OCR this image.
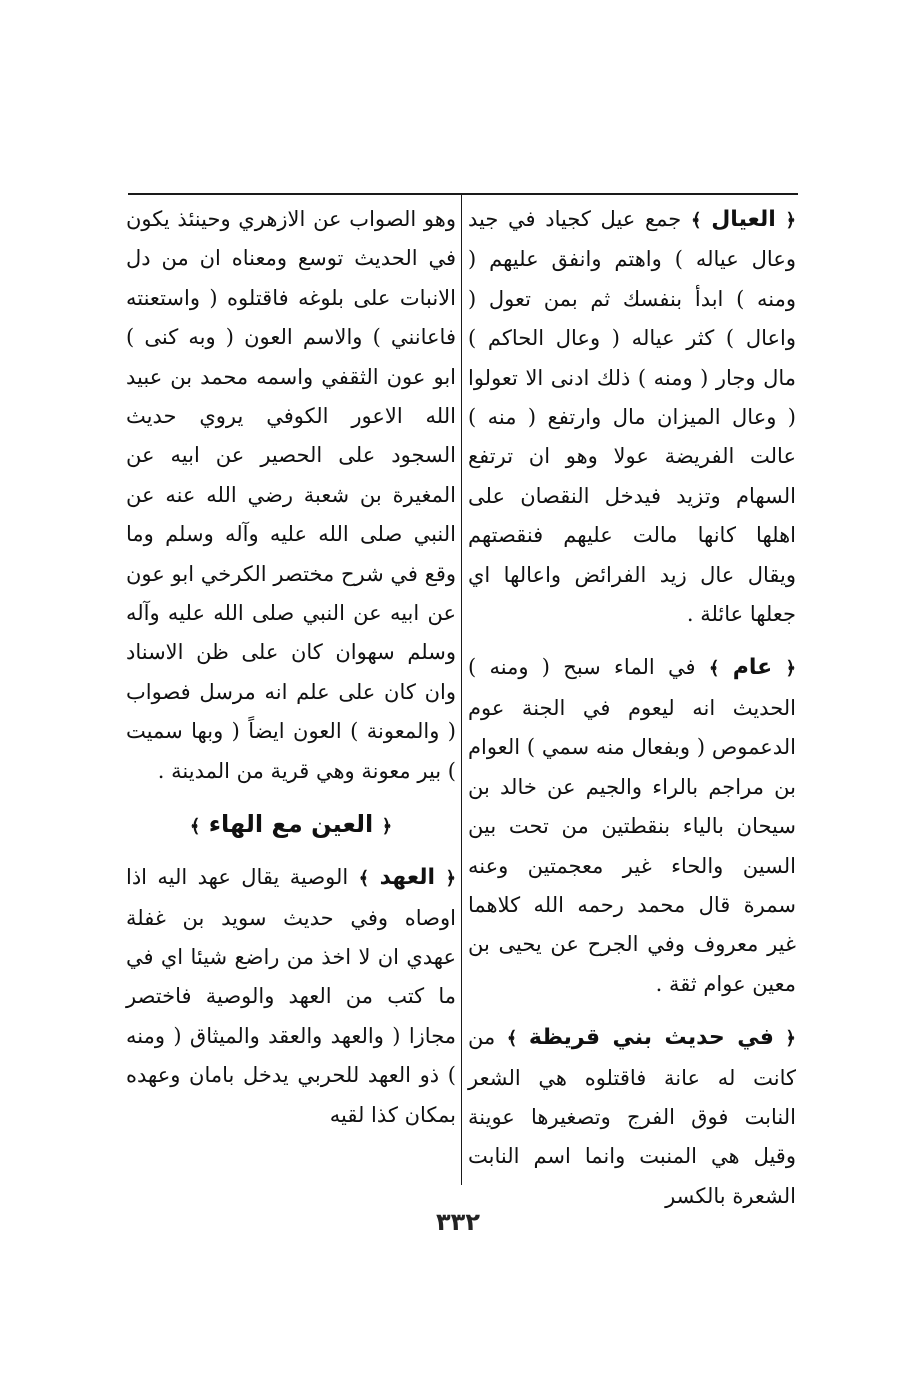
﴿ العيال ﴾ جمع عيل كجياد في جيد وعال عياله ) واهتم وانفق عليهم ( ومنه ) ابدأ بنفسك ثم بمن تعول ( واعال ) كثر عياله ( وعال الحاكم ) مال وجار ( ومنه ) ذلك ادنى الا تعولوا ( وعال الميزان مال وارتفع ( منه ) عالت الفريضة عولا وهو ان ترتفع السهام وتزيد فيدخل النقصان على اهلها كانها مالت عليهم فنقصتهم ويقال عال زيد الفرائض واعالها اي جعلها عائلة .

﴿ عام ﴾ في الماء سبح ( ومنه ) الحديث انه ليعوم في الجنة عوم الدعموص ( وبفعال منه سمي ) العوام بن مراجم بالراء والجيم عن خالد بن سيحان بالياء بنقطتين من تحت بين السين والحاء غير معجمتين وعنه سمرة قال محمد رحمه الله كلاهما غير معروف وفي الجرح عن يحيى بن معين عوام ثقة .

﴿ في حديث بني قريظة ﴾ من كانت له عانة فاقتلوه هي الشعر النابت فوق الفرج وتصغيرها عوينة وقيل هي المنبت وانما اسم النابت الشعرة بالكسر

وهو الصواب عن الازهري وحينئذ يكون في الحديث توسع ومعناه ان من دل الانبات على بلوغه فاقتلوه ( واستعنته فاعانني ) والاسم العون ( وبه كنى ) ابو عون الثقفي واسمه محمد بن عبيد الله الاعور الكوفي يروي حديث السجود على الحصير عن ابيه عن المغيرة بن شعبة رضي الله عنه عن النبي صلى الله عليه وآله وسلم وما وقع في شرح مختصر الكرخي ابو عون عن ابيه عن النبي صلى الله عليه وآله وسلم سهوان كان على ظن الاسناد وان كان على علم انه مرسل فصواب ( والمعونة ) العون ايضاً ( وبها سميت ) بير معونة وهي قرية من المدينة .

﴿ العين مع الهاء ﴾

﴿ العهد ﴾ الوصية يقال عهد اليه اذا اوصاه وفي حديث سويد بن غفلة عهدي ان لا اخذ من راضع شيئا اي في ما كتب من العهد والوصية فاختصر مجازا ( والعهد والعقد والميثاق ( ومنه ) ذو العهد للحربي يدخل بامان وعهده بمكان كذا لقيه

٣٣٢
